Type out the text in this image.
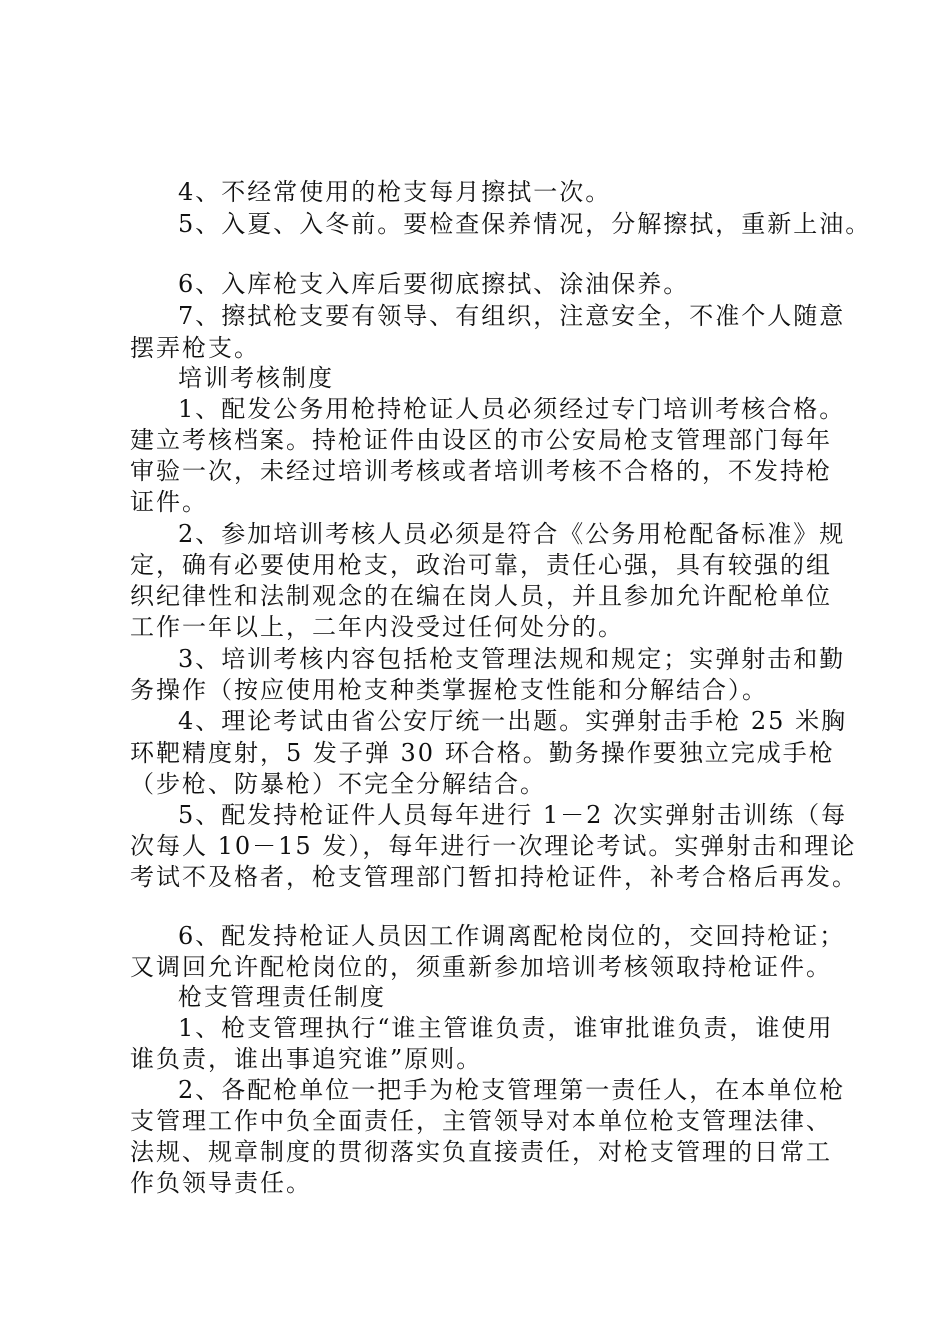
4、不经常使用的枪支每月擦拭一次。
5、入夏、入冬前。要检查保养情况，分解擦拭，重新上油。
6、入库枪支入库后要彻底擦拭、涂油保养。
7、擦拭枪支要有领导、有组织，注意安全，不准个人随意
摆弄枪支。
培训考核制度
1、配发公务用枪持枪证人员必须经过专门培训考核合格。
建立考核档案。持枪证件由设区的市公安局枪支管理部门每年
审验一次，未经过培训考核或者培训考核不合格的，不发持枪
证件。
2、参加培训考核人员必须是符合《公务用枪配备标准》规
定，确有必要使用枪支，政治可靠，责任心强，具有较强的组
织纪律性和法制观念的在编在岗人员，并且参加允许配枪单位
工作一年以上，二年内没受过任何处分的。
3、培训考核内容包括枪支管理法规和规定；实弹射击和勤
务操作（按应使用枪支种类掌握枪支性能和分解结合）。
4、理论考试由省公安厅统一出题。实弹射击手枪 25 米胸
环靶精度射，5 发子弹 30 环合格。勤务操作要独立完成手枪
（步枪、防暴枪）不完全分解结合。
5、配发持枪证件人员每年进行 1－2 次实弹射击训练（每
次每人 10－15 发），每年进行一次理论考试。实弹射击和理论
考试不及格者，枪支管理部门暂扣持枪证件，补考合格后再发。
6、配发持枪证人员因工作调离配枪岗位的，交回持枪证；
又调回允许配枪岗位的，须重新参加培训考核领取持枪证件。
枪支管理责任制度
1、枪支管理执行“谁主管谁负责，谁审批谁负责，谁使用
谁负责，谁出事追究谁”原则。
2、各配枪单位一把手为枪支管理第一责任人，在本单位枪
支管理工作中负全面责任，主管领导对本单位枪支管理法律、
法规、规章制度的贯彻落实负直接责任，对枪支管理的日常工
作负领导责任。
